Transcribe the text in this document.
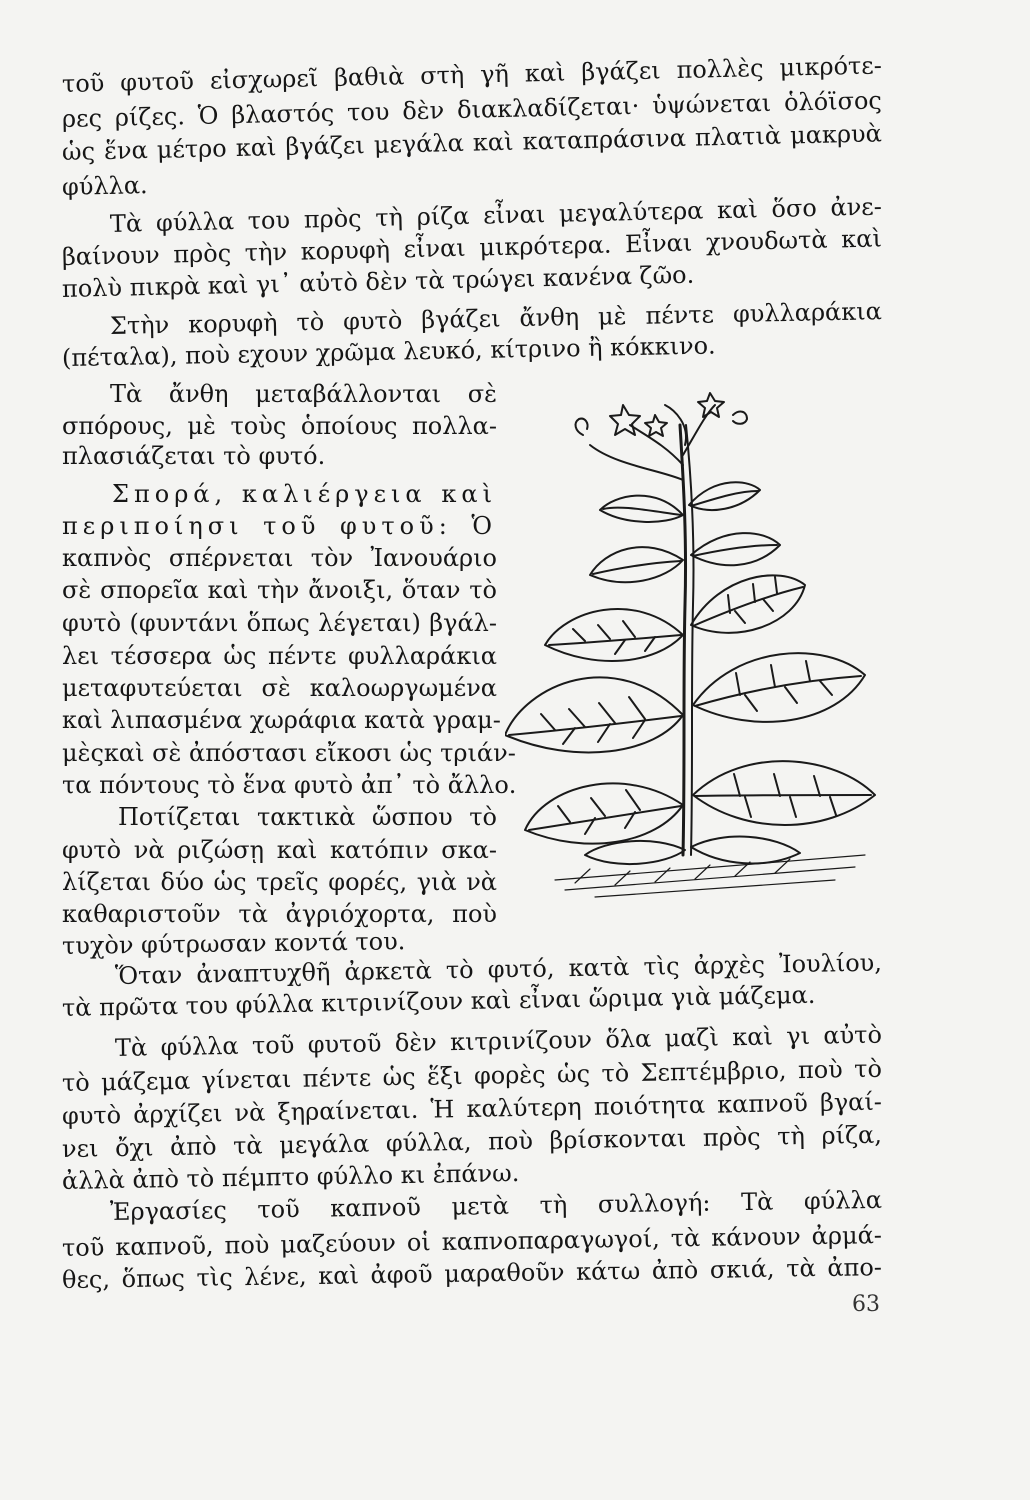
τοῦ φυτοῦ εἰσχωρεῖ βαθιὰ στὴ γῆ καὶ βγάζει πολλὲς μικρότε-
ρες ρίζες. Ὁ βλαστός του δὲν διακλαδίζεται· ὑψώνεται ὁλόϊσος
ὡς ἕνα μέτρο καὶ βγάζει μεγάλα καὶ καταπράσινα πλατιὰ μακρυὰ
φύλλα.
Τὰ φύλλα του πρὸς τὴ ρίζα εἶναι μεγαλύτερα καὶ ὅσο ἀνε-
βαίνουν πρὸς τὴν κορυφὴ εἶναι μικρότερα. Εἶναι χνουδωτὰ καὶ
πολὺ πικρὰ καὶ γι᾽ αὐτὸ δὲν τὰ τρώγει κανένα ζῶο.
Στὴν κορυφὴ τὸ φυτὸ βγάζει ἄνθη μὲ πέντε φυλλαράκια
(πέταλα), ποὺ εχουν χρῶμα λευκό, κίτρινο ἢ κόκκινο.
Τὰ ἄνθη μεταβάλλονται σὲ
σπόρους, μὲ τοὺς ὁποίους πολλα-
πλασιάζεται τὸ φυτό.
Σπορά, καλιέργεια καὶ
περιποίησι τοῦ φυτοῦ: Ὁ
καπνὸς σπέρνεται τὸν Ἰανουάριο
σὲ σπορεῖα καὶ τὴν ἄνοιξι, ὅταν τὸ
φυτὸ (φυντάνι ὅπως λέγεται) βγάλ-
λει τέσσερα ὡς πέντε φυλλαράκια
μεταφυτεύεται σὲ καλοωργωμένα
καὶ λιπασμένα χωράφια κατὰ γραμ-
μὲςκαὶ σὲ ἀπόστασι εἴκοσι ὡς τριάν-
τα πόντους τὸ ἕνα φυτὸ ἀπ᾽ τὸ ἄλλο.
Ποτίζεται τακτικὰ ὥσπου τὸ
φυτὸ νὰ ριζώσῃ καὶ κατόπιν σκα-
λίζεται δύο ὡς τρεῖς φορές, γιὰ νὰ
καθαριστοῦν τὰ ἀγριόχορτα, ποὺ
τυχὸν φύτρωσαν κοντά του.
Ὅταν ἀναπτυχθῆ ἀρκετὰ τὸ φυτό, κατὰ τὶς ἀρχὲς Ἰουλίου,
τὰ πρῶτα του φύλλα κιτρινίζουν καὶ εἶναι ὥριμα γιὰ μάζεμα.
Τὰ φύλλα τοῦ φυτοῦ δὲν κιτρινίζουν ὅλα μαζὶ καὶ γι αὐτὸ
τὸ μάζεμα γίνεται πέντε ὡς ἕξι φορὲς ὡς τὸ Σεπτέμβριο, ποὺ τὸ
φυτὸ ἀρχίζει νὰ ξηραίνεται. Ἡ καλύτερη ποιότητα καπνοῦ βγαί-
νει ὄχι ἀπὸ τὰ μεγάλα φύλλα, ποὺ βρίσκονται πρὸς τὴ ρίζα,
ἀλλὰ ἀπὸ τὸ πέμπτο φύλλο κι ἐπάνω.
Ἐργασίες τοῦ καπνοῦ μετὰ τὴ συλλογή: Τὰ φύλλα
τοῦ καπνοῦ, ποὺ μαζεύουν οἱ καπνοπαραγωγοί, τὰ κάνουν ἀρμά-
θες, ὅπως τὶς λένε, καὶ ἀφοῦ μαραθοῦν κάτω ἀπὸ σκιά, τὰ ἀπο-
63
